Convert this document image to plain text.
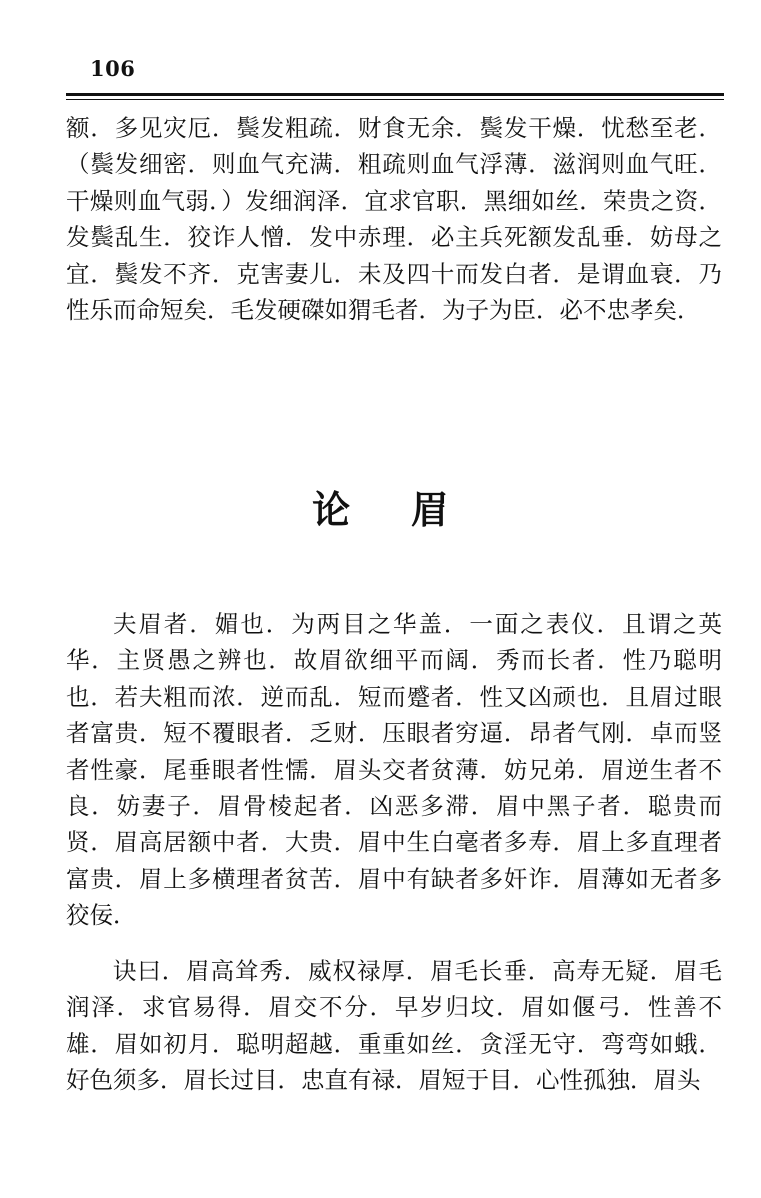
106

额．多见灾厄．鬓发粗疏．财食无余．鬓发干燥．忧愁至老．（鬓发细密．则血气充满．粗疏则血气浮薄．滋润则血气旺．干燥则血气弱．）发细润泽．宜求官职．黑细如丝．荣贵之资．发鬓乱生．狡诈人憎．发中赤理．必主兵死额发乱垂．妨母之宜．鬓发不齐．克害妻儿．未及四十而发白者．是谓血衰．乃性乐而命短矣．毛发硬磔如猬毛者．为子为臣．必不忠孝矣．

论眉

夫眉者．媚也．为两目之华盖．一面之表仪．且谓之英华．主贤愚之辨也．故眉欲细平而阔．秀而长者．性乃聪明也．若夫粗而浓．逆而乱．短而蹙者．性又凶顽也．且眉过眼者富贵．短不覆眼者．乏财．压眼者穷逼．昂者气刚．卓而竖者性豪．尾垂眼者性懦．眉头交者贫薄．妨兄弟．眉逆生者不良．妨妻子．眉骨棱起者．凶恶多滞．眉中黑子者．聪贵而贤．眉高居额中者．大贵．眉中生白毫者多寿．眉上多直理者富贵．眉上多横理者贫苦．眉中有缺者多奸诈．眉薄如无者多狡佞．

诀曰．眉高耸秀．威权禄厚．眉毛长垂．高寿无疑．眉毛润泽．求官易得．眉交不分．早岁归坟．眉如偃弓．性善不雄．眉如初月．聪明超越．重重如丝．贪淫无守．弯弯如蛾．好色须多．眉长过目．忠直有禄．眉短于目．心性孤独．眉头
